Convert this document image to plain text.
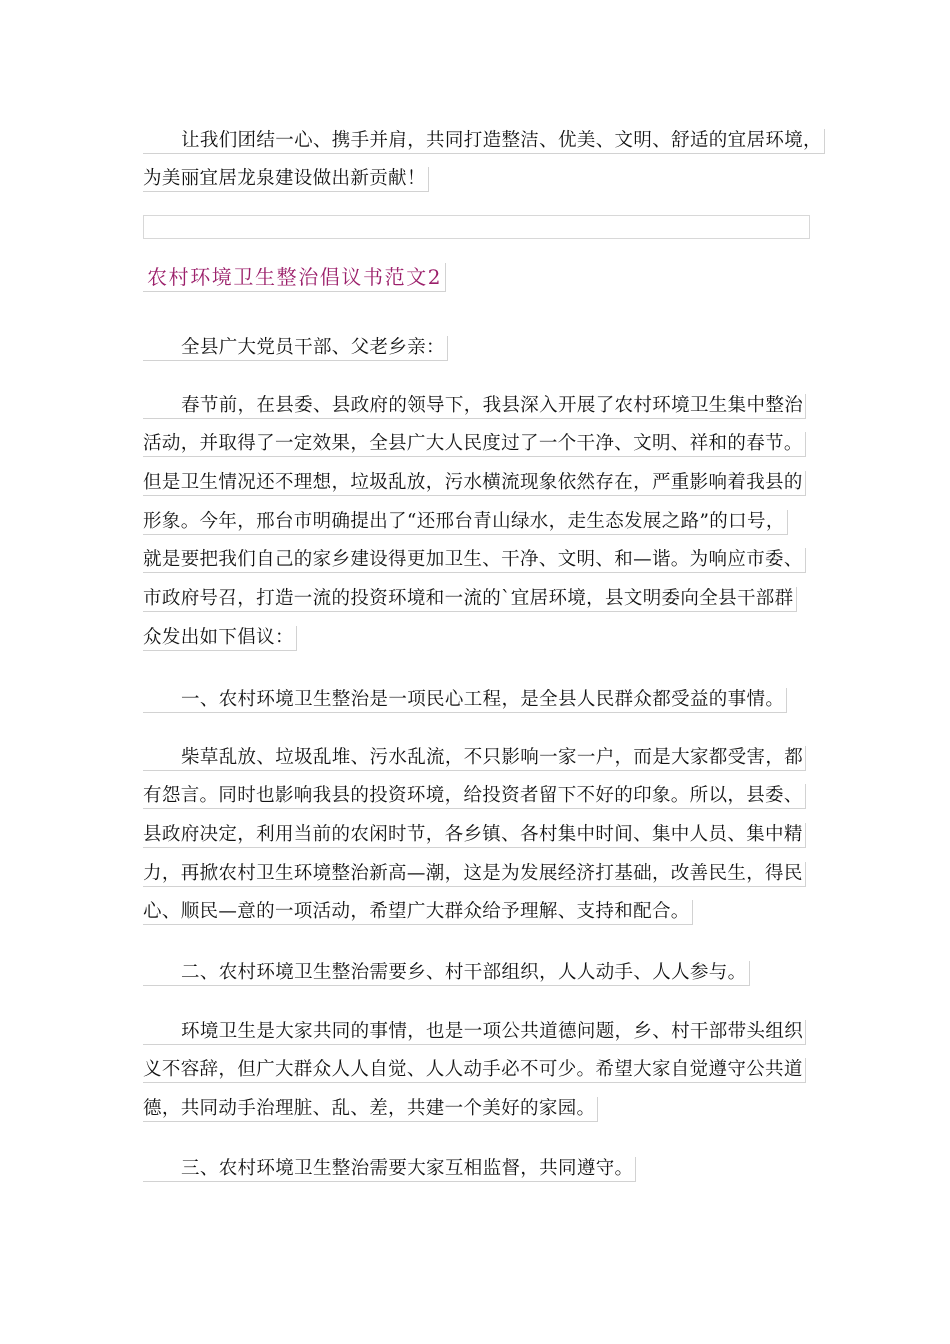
让我们团结一心、携手并肩，共同打造整洁、优美、文明、舒适的宜居环境，
为美丽宜居龙泉建设做出新贡献！
农村环境卫生整治倡议书范文2
全县广大党员干部、父老乡亲：
春节前，在县委、县政府的领导下，我县深入开展了农村环境卫生集中整治
活动，并取得了一定效果，全县广大人民度过了一个干净、文明、祥和的春节。
但是卫生情况还不理想，垃圾乱放，污水横流现象依然存在，严重影响着我县的
形象。今年，邢台市明确提出了“还邢台青山绿水，走生态发展之路”的口号，
就是要把我们自己的家乡建设得更加卫生、干净、文明、和—谐。为响应市委、
市政府号召，打造一流的投资环境和一流的`宜居环境，县文明委向全县干部群
众发出如下倡议：
一、农村环境卫生整治是一项民心工程，是全县人民群众都受益的事情。
柴草乱放、垃圾乱堆、污水乱流，不只影响一家一户，而是大家都受害，都
有怨言。同时也影响我县的投资环境，给投资者留下不好的印象。所以，县委、
县政府决定，利用当前的农闲时节，各乡镇、各村集中时间、集中人员、集中精
力，再掀农村卫生环境整治新高—潮，这是为发展经济打基础，改善民生，得民
心、顺民—意的一项活动，希望广大群众给予理解、支持和配合。
二、农村环境卫生整治需要乡、村干部组织，人人动手、人人参与。
环境卫生是大家共同的事情，也是一项公共道德问题，乡、村干部带头组织
义不容辞，但广大群众人人自觉、人人动手必不可少。希望大家自觉遵守公共道
德，共同动手治理脏、乱、差，共建一个美好的家园。
三、农村环境卫生整治需要大家互相监督，共同遵守。
